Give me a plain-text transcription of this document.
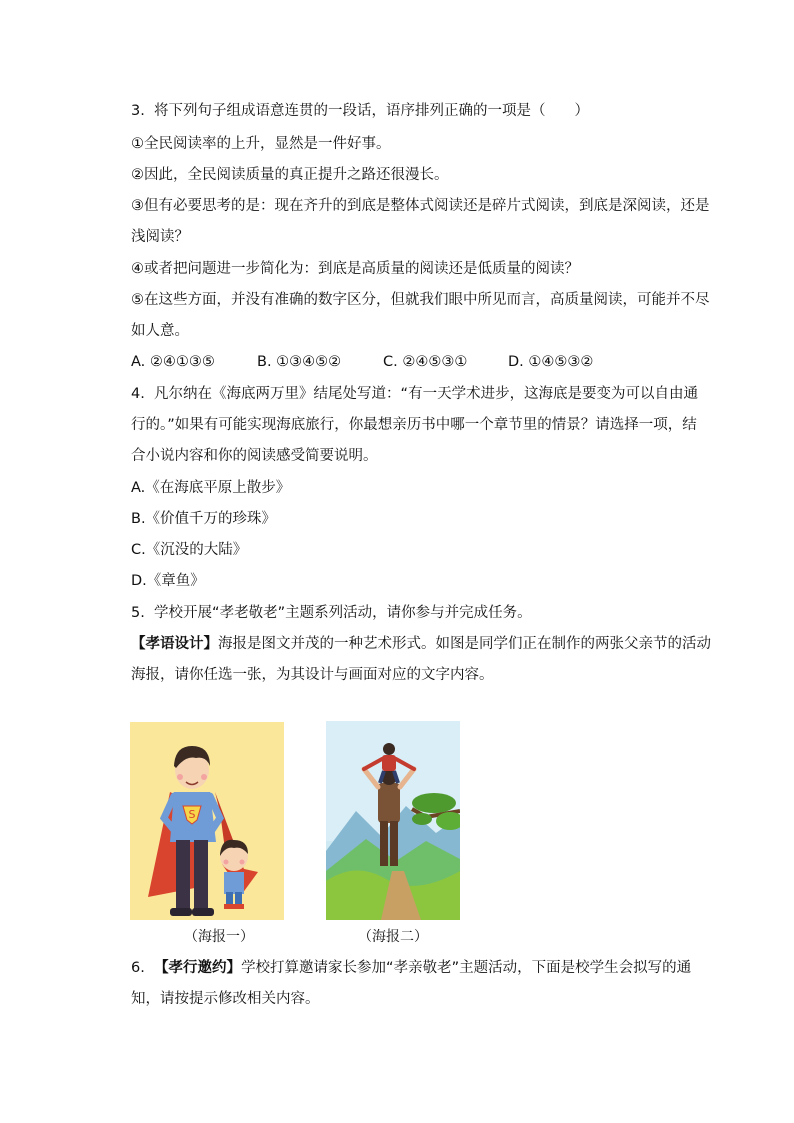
3.  将下列句子组成语意连贯的一段话，语序排列正确的一项是（　　）
①全民阅读率的上升，显然是一件好事。
②因此，全民阅读质量的真正提升之路还很漫长。
③但有必要思考的是：现在齐升的到底是整体式阅读还是碎片式阅读，到底是深阅读，还是
浅阅读？
④或者把问题进一步简化为：到底是高质量的阅读还是低质量的阅读？
⑤在这些方面，并没有准确的数字区分，但就我们眼中所见而言，高质量阅读，可能并不尽
如人意。
A. ②④①③⑤	B. ①③④⑤②	C. ②④⑤③①	D. ①④⑤③②
4.  凡尔纳在《海底两万里》结尾处写道：“有一天学术进步，这海底是要变为可以自由通
行的。”如果有可能实现海底旅行，你最想亲历书中哪一个章节里的情景？请选择一项，结
合小说内容和你的阅读感受简要说明。
A.《在海底平原上散步》
B.《价值千万的珍珠》
C.《沉没的大陆》
D.《章鱼》
5.  学校开展“孝老敬老”主题系列活动，请你参与并完成任务。
【孝语设计】海报是图文并茂的一种艺术形式。如图是同学们正在制作的两张父亲节的活动
海报，请你任选一张，为其设计与画面对应的文字内容。
S
（海报一）	（海报二）
6.  【孝行邀约】学校打算邀请家长参加“孝亲敬老”主题活动，下面是校学生会拟写的通
知，请按提示修改相关内容。
